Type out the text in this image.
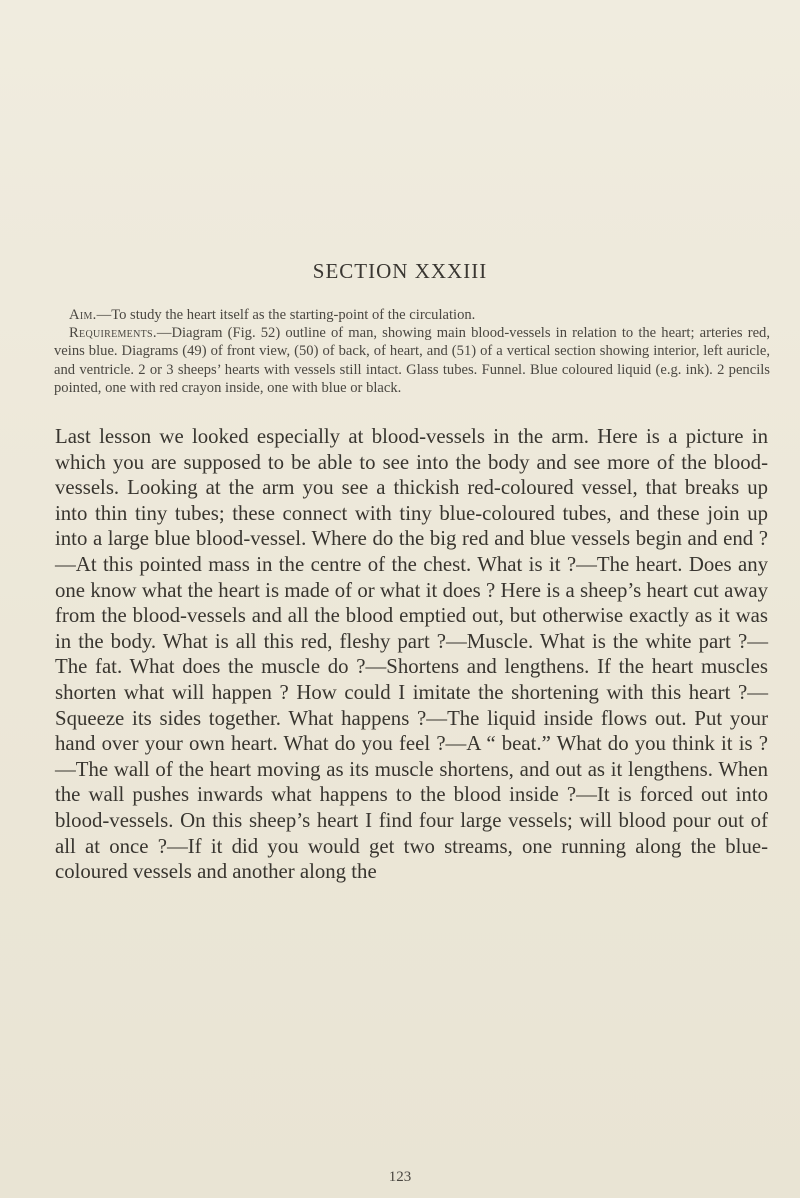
SECTION XXXIII

Aim.—To study the heart itself as the starting-point of the circulation.

Requirements.—Diagram (Fig. 52) outline of man, showing main blood-vessels in relation to the heart; arteries red, veins blue. Diagrams (49) of front view, (50) of back, of heart, and (51) of a vertical section showing interior, left auricle, and ventricle. 2 or 3 sheeps’ hearts with vessels still intact. Glass tubes. Funnel. Blue coloured liquid (e.g. ink). 2 pencils pointed, one with red crayon inside, one with blue or black.

Last lesson we looked especially at blood-vessels in the arm. Here is a picture in which you are supposed to be able to see into the body and see more of the blood-vessels. Looking at the arm you see a thickish red-coloured vessel, that breaks up into thin tiny tubes; these connect with tiny blue-coloured tubes, and these join up into a large blue blood-vessel. Where do the big red and blue vessels begin and end ?—At this pointed mass in the centre of the chest. What is it ?—The heart. Does any one know what the heart is made of or what it does ? Here is a sheep’s heart cut away from the blood-vessels and all the blood emptied out, but otherwise exactly as it was in the body. What is all this red, fleshy part ?—Muscle. What is the white part ?—The fat. What does the muscle do ?—Shortens and lengthens. If the heart muscles shorten what will happen ? How could I imitate the shortening with this heart ?—Squeeze its sides together. What happens ?—The liquid inside flows out. Put your hand over your own heart. What do you feel ?—A “ beat.” What do you think it is ?—The wall of the heart moving as its muscle shortens, and out as it lengthens. When the wall pushes inwards what happens to the blood inside ?—It is forced out into blood-vessels. On this sheep’s heart I find four large vessels; will blood pour out of all at once ?—If it did you would get two streams, one running along the blue-coloured vessels and another along the

123
